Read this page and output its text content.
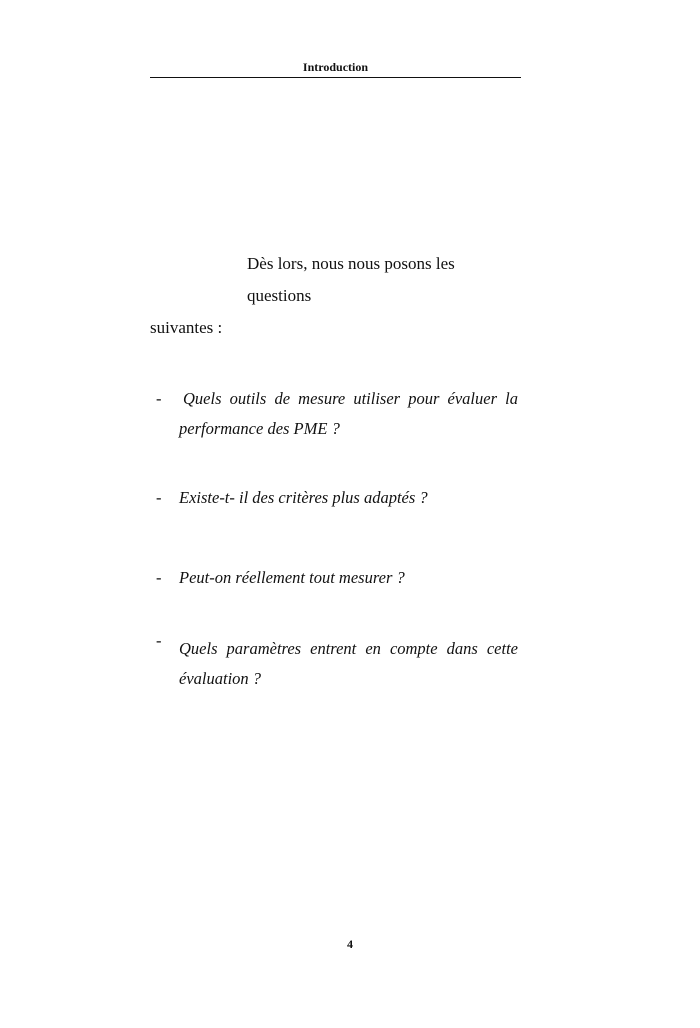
Introduction
Dès lors, nous nous posons les questions
suivantes :
- Quels outils de mesure utiliser pour évaluer la
performance des PME ?
- Existe-t- il des critères plus adaptés ?
- Peut-on réellement tout mesurer ?
- Quels paramètres entrent en compte dans cette
évaluation ?
4
